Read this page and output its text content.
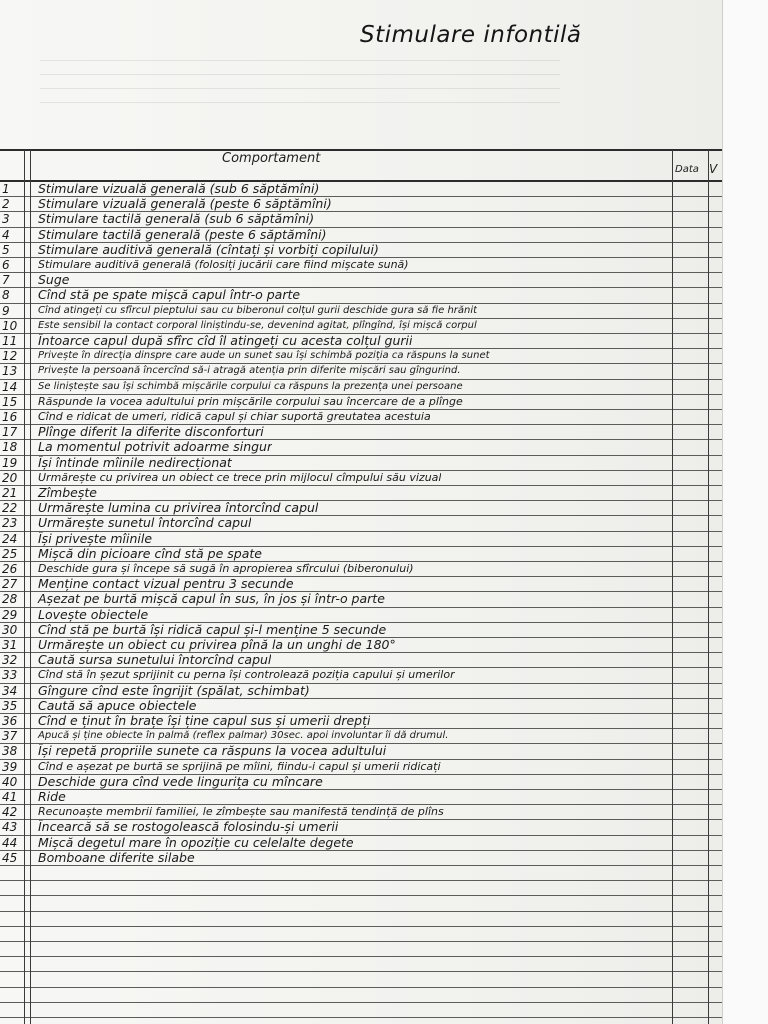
Stimulare infontilă
Comportament
Data V
1	Stimulare vizuală generală (sub 6 săptămîni)
2	Stimulare vizuală generală (peste 6 săptămîni)
3	Stimulare tactilă generală (sub 6 săptămîni)
4	Stimulare tactilă generală (peste 6 săptămîni)
5	Stimulare auditivă generală (cîntați și vorbiți copilului)
6	Stimulare auditivă generală (folosiți jucării care fiind mișcate sună)
7	Suge
8	Cînd stă pe spate mișcă capul într-o parte
9	Cînd atingeți cu sfîrcul pieptului sau cu biberonul colțul gurii deschide gura să fie hrănit
10	Este sensibil la contact corporal liniștindu-se, devenind agitat, plîngînd, își mișcă corpul
11	Întoarce capul după sfîrc cîd îl atingeți cu acesta colțul gurii
12	Privește în direcția dinspre care aude un sunet sau își schimbă poziția ca răspuns la sunet
13	Privește la persoană încercînd să-i atragă atenția prin diferite mișcări sau gîngurind.
14	Se liniștește sau își schimbă mișcările corpului ca răspuns la prezența unei persoane
15	Răspunde la vocea adultului prin mișcările corpului sau încercare de a plînge
16	Cînd e ridicat de umeri, ridică capul și chiar suportă greutatea acestuia
17	Plînge diferit la diferite disconforturi
18	La momentul potrivit adoarme singur
19	Își întinde mîinile nedirecționat
20	Urmărește cu privirea un obiect ce trece prin mijlocul cîmpului său vizual
21	Zîmbește
22	Urmărește lumina cu privirea întorcînd capul
23	Urmărește sunetul întorcînd capul
24	Își privește mîinile
25	Mișcă din picioare cînd stă pe spate
26	Deschide gura și începe să sugă în apropierea sfîrcului (biberonului)
27	Menține contact vizual pentru 3 secunde
28	Așezat pe burtă mișcă capul în sus, în jos și într-o parte
29	Lovește obiectele
30	Cînd stă pe burtă își ridică capul și-l menține 5 secunde
31	Urmărește un obiect cu privirea pînă la un unghi de 180°
32	Caută sursa sunetului întorcînd capul
33	Cînd stă în șezut sprijinit cu perna își controlează poziția capului și umerilor
34	Gîngure cînd este îngrijit (spălat, schimbat)
35	Caută să apuce obiectele
36	Cînd e ținut în brațe își ține capul sus și umerii drepți
37	Apucă și ține obiecte în palmă (reflex palmar) 30sec. apoi involuntar îi dă drumul.
38	Își repetă propriile sunete ca răspuns la vocea adultului
39	Cînd e așezat pe burtă se sprijină pe mîini, fiindu-i capul și umerii ridicați
40	Deschide gura cînd vede lingurița cu mîncare
41	Ride
42	Recunoaște membrii familiei, le zîmbește sau manifestă tendință de plîns
43	Încearcă să se rostogolească folosindu-și umerii
44	Mișcă degetul mare în opoziție cu celelalte degete
45	Bomboane diferite silabe
